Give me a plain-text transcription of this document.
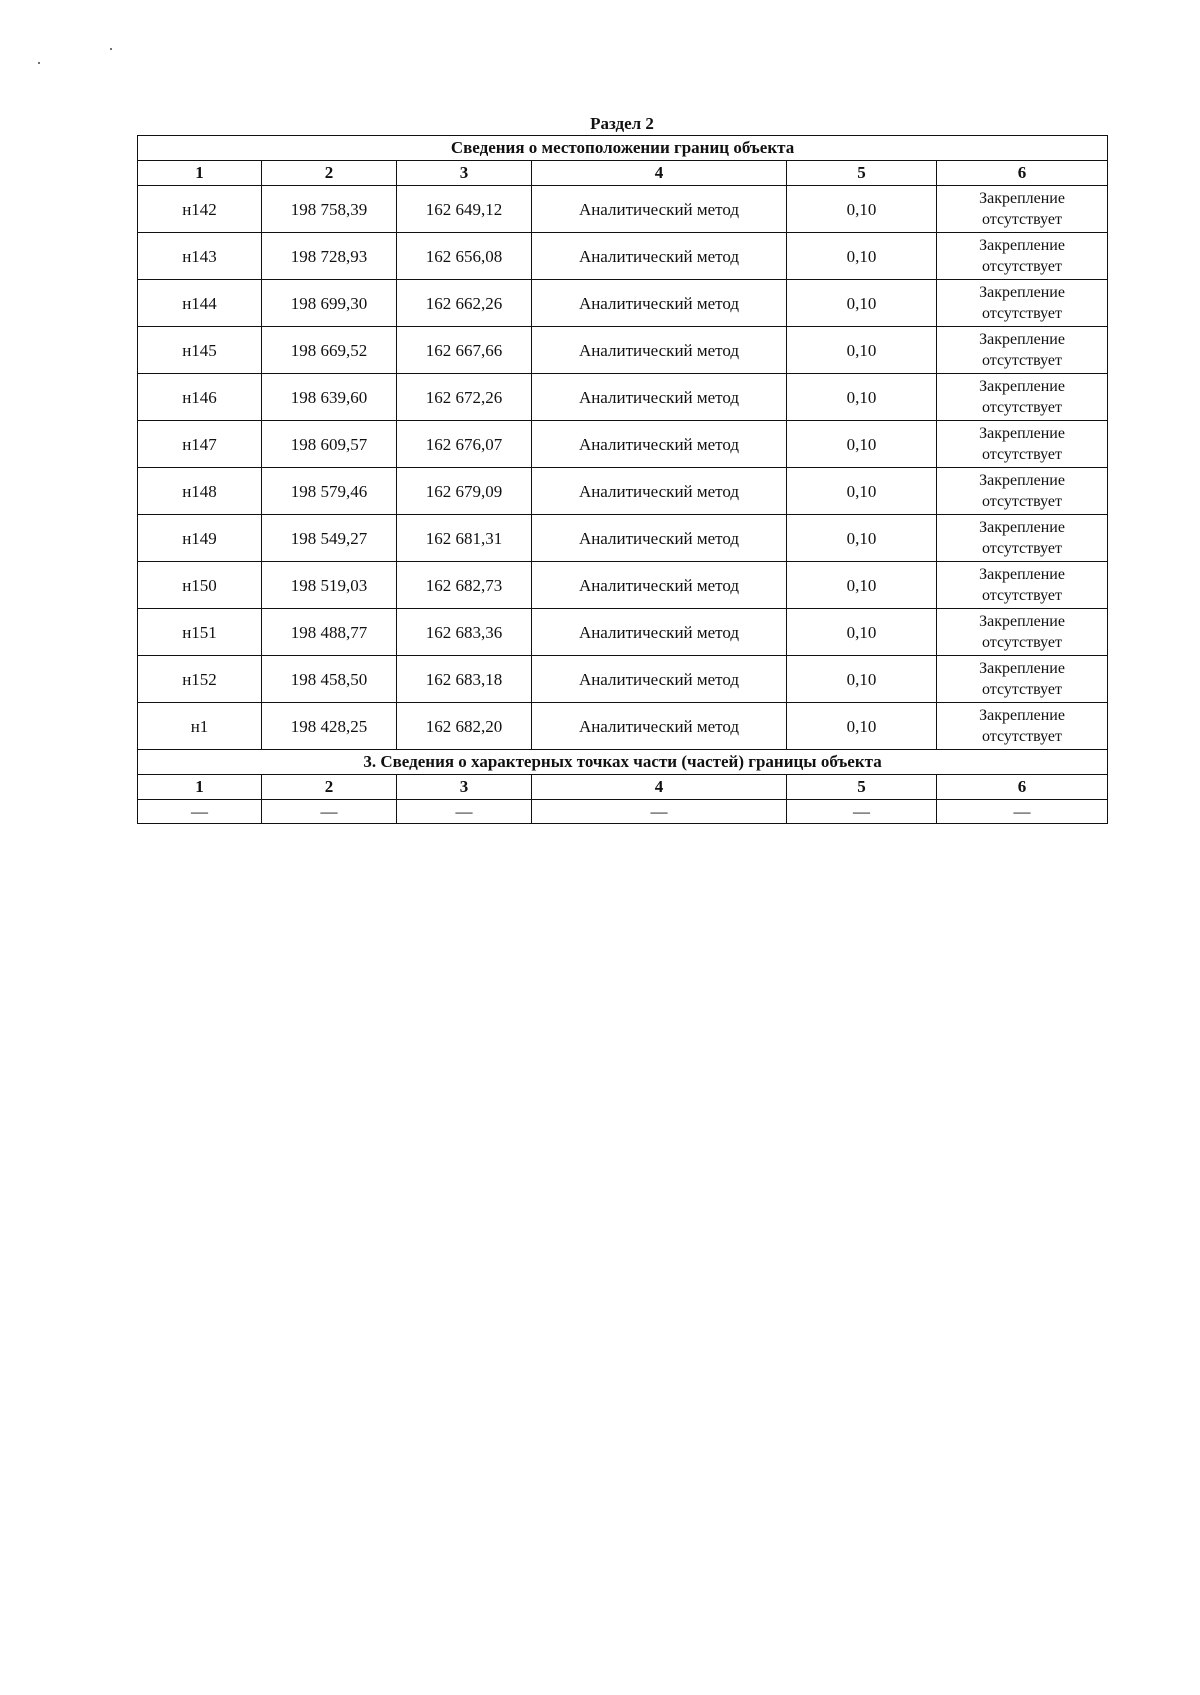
Раздел 2
Сведения о местоположении границ объекта					
1	2	3	4	5	6
н142	198 758,39	162 649,12	Аналитический метод	0,10	Закрепление
отсутствует
н143	198 728,93	162 656,08	Аналитический метод	0,10	Закрепление
отсутствует
н144	198 699,30	162 662,26	Аналитический метод	0,10	Закрепление
отсутствует
н145	198 669,52	162 667,66	Аналитический метод	0,10	Закрепление
отсутствует
н146	198 639,60	162 672,26	Аналитический метод	0,10	Закрепление
отсутствует
н147	198 609,57	162 676,07	Аналитический метод	0,10	Закрепление
отсутствует
н148	198 579,46	162 679,09	Аналитический метод	0,10	Закрепление
отсутствует
н149	198 549,27	162 681,31	Аналитический метод	0,10	Закрепление
отсутствует
н150	198 519,03	162 682,73	Аналитический метод	0,10	Закрепление
отсутствует
н151	198 488,77	162 683,36	Аналитический метод	0,10	Закрепление
отсутствует
н152	198 458,50	162 683,18	Аналитический метод	0,10	Закрепление
отсутствует
н1	198 428,25	162 682,20	Аналитический метод	0,10	Закрепление
отсутствует
3. Сведения о характерных точках части (частей) границы объекта					
1	2	3	4	5	6
—	—	—	—	—	—
